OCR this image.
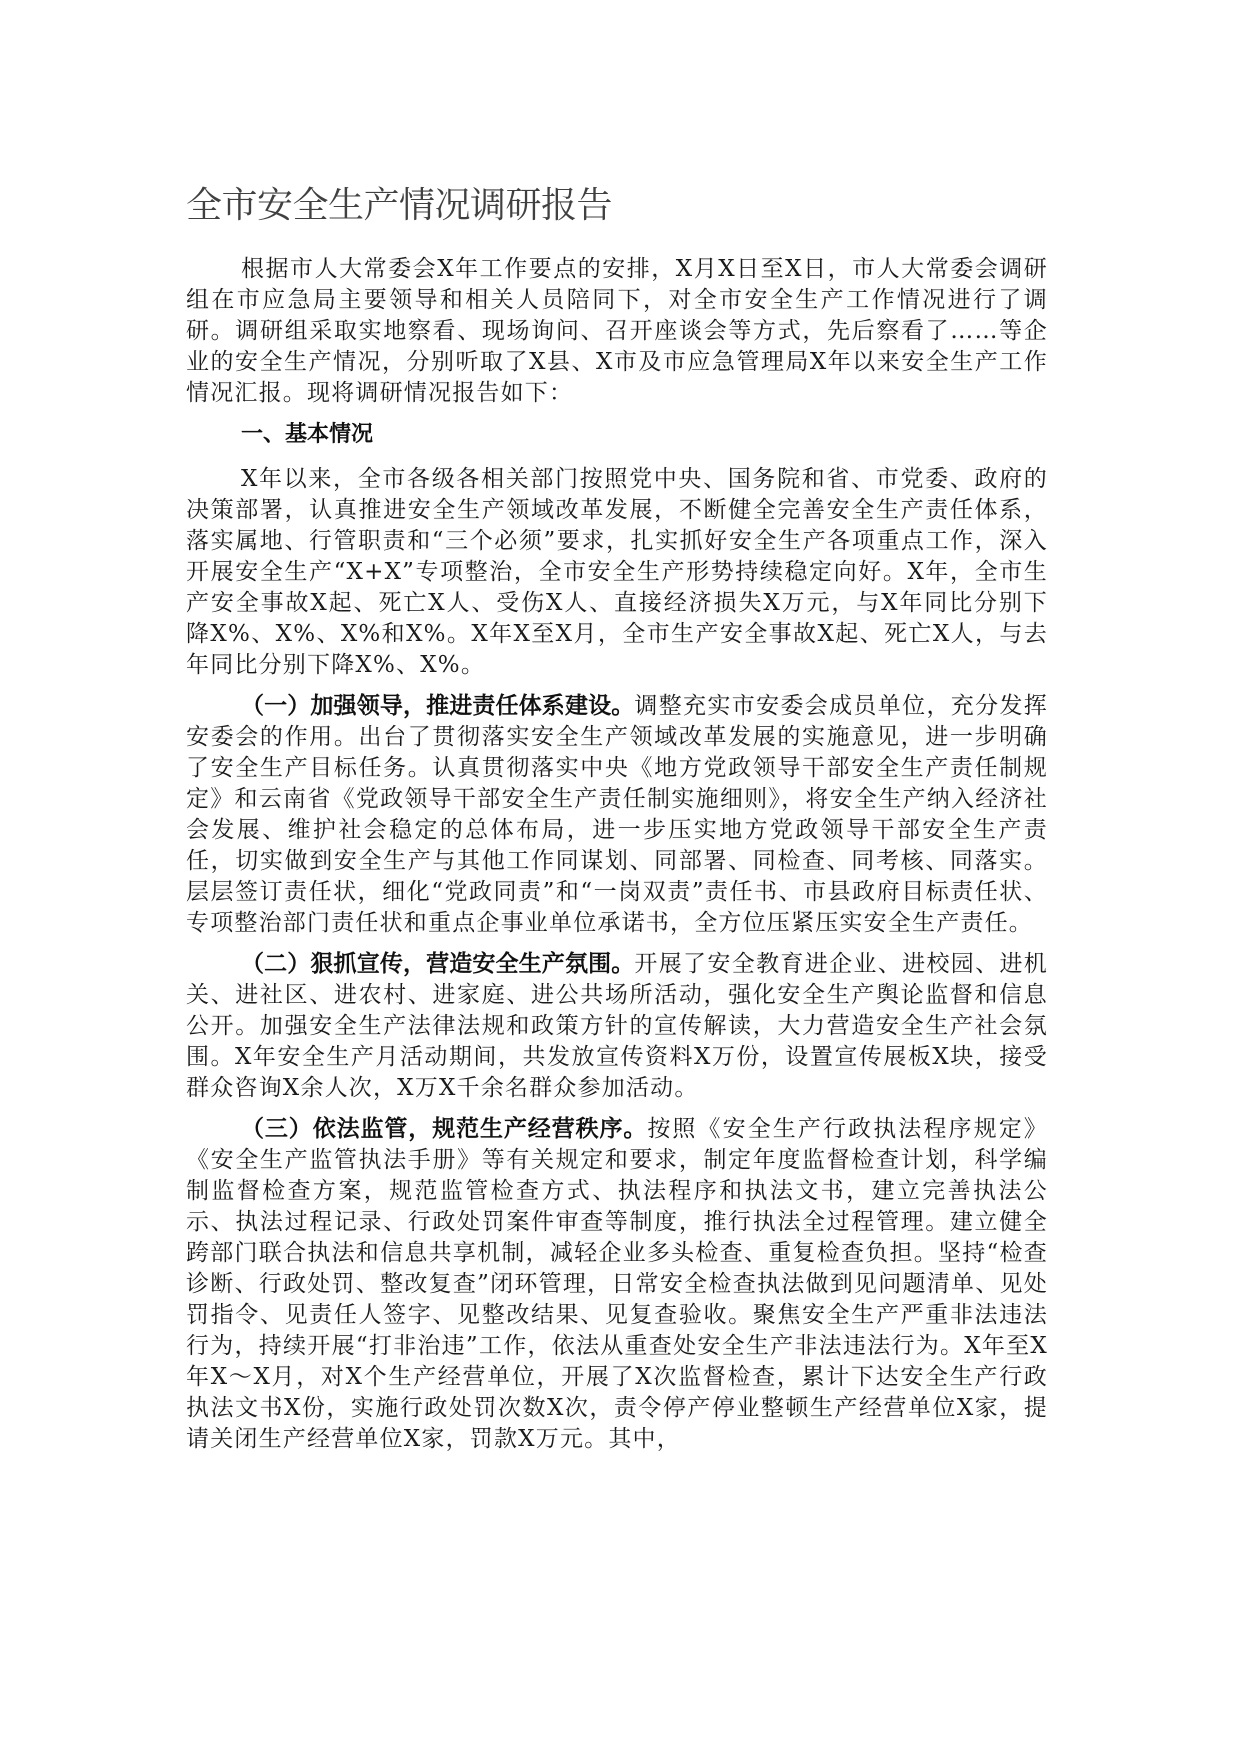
全市安全生产情况调研报告

根据市人大常委会X年工作要点的安排，X月X日至X日，市人大常委会调研组在市应急局主要领导和相关人员陪同下，对全市安全生产工作情况进行了调研。调研组采取实地察看、现场询问、召开座谈会等方式，先后察看了……等企业的安全生产情况，分别听取了X县、X市及市应急管理局X年以来安全生产工作情况汇报。现将调研情况报告如下：

一、基本情况

X年以来，全市各级各相关部门按照党中央、国务院和省、市党委、政府的决策部署，认真推进安全生产领域改革发展，不断健全完善安全生产责任体系，落实属地、行管职责和“三个必须”要求，扎实抓好安全生产各项重点工作，深入开展安全生产“X+X”专项整治，全市安全生产形势持续稳定向好。X年，全市生产安全事故X起、死亡X人、受伤X人、直接经济损失X万元，与X年同比分别下降X%、X%、X%和X%。X年X至X月，全市生产安全事故X起、死亡X人，与去年同比分别下降X%、X%。

（一）加强领导，推进责任体系建设。调整充实市安委会成员单位，充分发挥安委会的作用。出台了贯彻落实安全生产领域改革发展的实施意见，进一步明确了安全生产目标任务。认真贯彻落实中央《地方党政领导干部安全生产责任制规定》和云南省《党政领导干部安全生产责任制实施细则》，将安全生产纳入经济社会发展、维护社会稳定的总体布局，进一步压实地方党政领导干部安全生产责任，切实做到安全生产与其他工作同谋划、同部署、同检查、同考核、同落实。层层签订责任状，细化“党政同责”和“一岗双责”责任书、市县政府目标责任状、专项整治部门责任状和重点企事业单位承诺书，全方位压紧压实安全生产责任。

（二）狠抓宣传，营造安全生产氛围。开展了安全教育进企业、进校园、进机关、进社区、进农村、进家庭、进公共场所活动，强化安全生产舆论监督和信息公开。加强安全生产法律法规和政策方针的宣传解读，大力营造安全生产社会氛围。X年安全生产月活动期间，共发放宣传资料X万份，设置宣传展板X块，接受群众咨询X余人次，X万X千余名群众参加活动。

（三）依法监管，规范生产经营秩序。按照《安全生产行政执法程序规定》《安全生产监管执法手册》等有关规定和要求，制定年度监督检查计划，科学编制监督检查方案，规范监管检查方式、执法程序和执法文书，建立完善执法公示、执法过程记录、行政处罚案件审查等制度，推行执法全过程管理。建立健全跨部门联合执法和信息共享机制，减轻企业多头检查、重复检查负担。坚持“检查诊断、行政处罚、整改复查”闭环管理，日常安全检查执法做到见问题清单、见处罚指令、见责任人签字、见整改结果、见复查验收。聚焦安全生产严重非法违法行为，持续开展“打非治违”工作，依法从重查处安全生产非法违法行为。X年至X年X～X月，对X个生产经营单位，开展了X次监督检查，累计下达安全生产行政执法文书X份，实施行政处罚次数X次，责令停产停业整顿生产经营单位X家，提请关闭生产经营单位X家，罚款X万元。其中，
